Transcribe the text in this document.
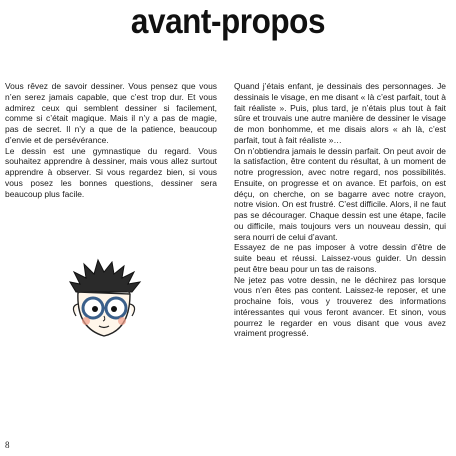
avant-propos

Vous rêvez de savoir dessiner. Vous pensez que vous n’en serez jamais capable, que c’est trop dur. Et vous admirez ceux qui semblent dessiner si facilement, comme si c’était magique. Mais il n’y a pas de magie, pas de secret. Il n’y a que de la patience, beaucoup d’envie et de persévérance.

Le dessin est une gymnastique du regard. Vous souhaitez apprendre à dessiner, mais vous allez surtout apprendre à observer. Si vous regardez bien, si vous vous posez les bonnes questions, dessiner sera beaucoup plus facile.

Quand j’étais enfant, je dessinais des personnages. Je dessinais le visage, en me disant « là c’est parfait, tout à fait réaliste ». Puis, plus tard, je n’étais plus tout à fait sûre et trouvais une autre manière de dessiner le visage de mon bonhomme, et me disais alors « ah là, c’est parfait, tout à fait réaliste »…

On n’obtiendra jamais le dessin parfait. On peut avoir de la satisfaction, être content du résultat, à un moment de notre progression, avec notre regard, nos possibilités. Ensuite, on progresse et on avance. Et parfois, on est déçu, on cherche, on se bagarre avec notre crayon, notre vision. On est frustré. C’est difficile. Alors, il ne faut pas se décourager. Chaque dessin est une étape, facile ou difficile, mais toujours vers un nouveau dessin, qui sera nourri de celui d’avant.

Essayez de ne pas imposer à votre dessin d’être de suite beau et réussi. Laissez-vous guider. Un dessin peut être beau pour un tas de raisons.

Ne jetez pas votre dessin, ne le déchirez pas lorsque vous n’en êtes pas content. Laissez-le reposer, et une prochaine fois, vous y trouverez des informations intéressantes qui vous feront avancer. Et sinon, vous pourrez le regarder en vous disant que vous avez vraiment progressé.

8
